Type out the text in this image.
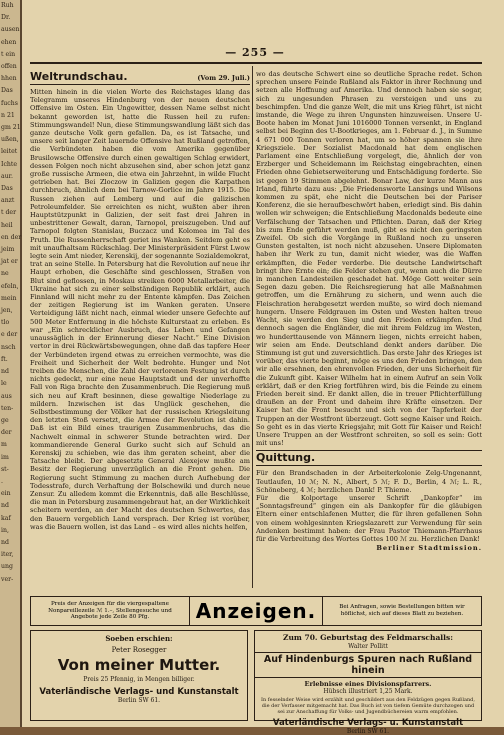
Ruh
Dr.
ausen
ehen
t ein
offen
hhen
Das
fuchs
n 21
gm 21
ußen,
leitet
Ichte
aur.
Das
anzt
t der
heil
en der
jeim
jat er
ne
efeln,
mein
jen,
tlo
e der
nsch
ft.
nd
le
aus
ten-
ge
der
m
im
st-
.
ein
nd
kaf
in,
nd
iter,
ung
ver-
— 255 —
Weltrundschau.	(Vom 29. Juli.)

Mitten hinein in die vielen Worte des Reichstages klang das Telegramm unseres Hindenburg von der neuen deutschen Offensive im Osten. Ein Ungewitter, dessen Name selbst nicht bekannt geworden ist, hatte die Russen heil zu rufen: Stimmungswandel! Nun, diese Stimmungswandlung läßt sich das ganze deutsche Volk gern gefallen. Da, es ist Tatsache, und unsere seit langer Zeit lauernde Offensive hat Rußland getroffen, die Verbündeten haben die vom Amerika gegenüber Brusilowsche Offensive durch einen gewaltigen Schlag erwidert, dessen Folgen noch nicht abzusehen sind, aber schon jetzt ganz große russische Armeen, die etwa ein Jahrzehnt, in wilde Flucht getrieben hat. Bei Zloczow in Galizien gegen die Karpathen durchbruch, ähnlich dem bei Tarnow-Gorlice im Jahre 1915. Die Russen ziehen auf Lemberg und auf die galizischen Petroleumfelder. Sie erreichten es nicht, wußten aber ihren Hauptstützpunkt in Galizien, der seit fast drei Jahren in unbestrittener Gewalt, daran, Tarnopol, preiszugeben. Und auf Tarnopol folgten Stanislau, Buczacz und Kolomea im Tal des Pruth. Die Russenherrschaft geriet ins Wanken. Seitdem geht es mit unaufhaltsam Rückschlag. Der Ministerpräsident Fürst Lwow legte sein Amt nieder, Kerenskij, der sogenannte Sozialdemokrat, trat an seine Stelle. In Petersburg hat die Revolution auf neue ihr Haupt erhoben, die Geschäfte sind geschlossen, Straßen von Blut sind geflossen, in Moskau streiken 6000 Metallarbeiter, die Ukraine hat sich zu einer selbständigen Republik erklärt, auch Finnland will nicht mehr zu der Entente kämpfen. Das Zeichen der zeitigen Regierung ist im Wanken geraten. Unsere Verteidigung läßt nicht nach, einmal wieder unsere Gefechte auf 500 Meter Entfernung in die höchste Kulturstaat zu erleben. Es war „Ein schrecklicher Ausbruch, das Leben und Gefangen unaussäglich in der Erinnerung dieser Nacht.“ Eine Division vertor in drei Rückwärtsbewegungen, ohne daß das tapfere Heer der Verbündeten irgend etwas zu erreichen vermochte, was die Freiheit und Sicherheit der Welt bedrohte. Hunger und Not treiben die Menschen, die Zahl der verlorenen Festung ist durch nichts gedeckt, nur eine neue Hauptstadt und der unverhoffte Fall von Riga brachte den Zusammenbruch. Die Regierung muß sich neu auf Kraft besinnen, diese gewaltige Niederlage zu mildern. Inzwischen ist das Unglück geschehen, die Selbstbestimmung der Völker hat der russischen Kriegsleitung den letzten Stoß versetzt, die Armee der Revolution ist dahin. Daß ist ein Bild eines traurigen Zusammenbruchs, das die Nachwelt einmal in schwerer Stunde betrachten wird. Der kommandierende General Gurko sucht sich auf Schuld an Kerenskij zu schieben, wie das ihm geraten scheint, aber die Tatsache bleibt. Der abgesetzte General Alexejew mußte am Besitz der Regierung unverzüglich an die Front gehen. Die Regierung sucht Stimmung zu machen durch Aufhebung der Todesstrafe, durch Verhaftung der Bolschewiki und durch neue Zensur. Zu alledem kommt die Erkenntnis, daß alle Beschlüsse, die man in Petersburg zusammengebraut hat, an der Wirklichkeit scheitern werden, an der Macht des deutschen Schwertes, das den Bauern vergeblich Land versprach. Der Krieg ist vorüber, was die Bauern wollen, ist das Land – es wird alles nichts helfen,

wo das deutsche Schwert eine so deutliche Sprache redet. Schon sprechen unsere Feinde Rußland als Faktor in ihrer Rechnung und setzen alle Hoffnung auf Amerika. Und dennoch haben sie sogar, sich zu ungesunden Phrasen zu versteigen und uns zu beschimpfen. Und die ganze Welt, die mit uns Krieg führt, ist nicht imstande, die Wege zu ihren Ungunsten hinzuweisen. Unsere U-Boote haben im Monat Juni 1016000 Tonnen versenkt, in England selbst bei Beginn des U-Bootkrieges, am 1. Februar d. J., in Summe 4 671 000 Tonnen verloren hat, um so höher spannen sie ihre Kriegsziele. Der Sozialist Macdonald hat dem englischen Parlament eine Entschließung vorgelegt, die, ähnlich der von Erzberger und Scheidemann im Reichstag eingebrachten, einen Frieden ohne Gebietserweiterung und Entschädigung forderte. Sie ist gegen 19 Stimmen abgelehnt. Bonar Law, der kurze Mann aus Irland, führte dazu aus: „Die Friedensworte Lansings und Wilsons kommen zu spät, ehe nicht die Deutschen bei der Pariser Konferenz, die sie heraufbeschwört haben, erledigt sind. Bis dahin wollen wir schweigen; die Entschließung Macdonalds bedeute eine Verfälschung der Tatsachen und Pflichten. Daran, daß der Krieg bis zum Ende geführt werden muß, gibt es nicht den geringsten Zweifel. Ob sich die Vorgänge in Rußland noch zu unseren Gunsten gestalten, ist noch nicht abzusehen. Unsere Diplomaten haben ihr Werk zu tun, damit nicht wieder, was die Waffen erkämpften, die Feder verderbe. Die deutsche Landwirtschaft bringt ihre Ernte ein; die Felder stehen gut, wenn auch die Dürre in manchen Landesteilen geschadet hat. Möge Gott weiter sein Segen dazu geben. Die Reichsregierung hat alle Maßnahmen getroffen, um die Ernährung zu sichern, und wenn auch die Fleischration herabgesetzt werden mußte, so wird doch niemand hungern. Unsere Feldgrauen im Osten und Westen halten treue Wacht, sie werden den Sieg und den Frieden erkämpfen. Und dennoch sagen die Engländer, die mit ihrem Feldzug im Westen, wo hunderttausende von Männern liegen, nichts erreicht haben, wir seien am Ende. Deutschland denkt anders darüber. Die Stimmung ist gut und zuversichtlich. Das erste Jahr des Krieges ist vorüber, das vierte beginnt, möge es uns den Frieden bringen, den wir alle ersehnen, den ehrenvollen Frieden, der uns Sicherheit für die Zukunft gibt. Kaiser Wilhelm hat in einem Aufruf an sein Volk erklärt, daß er den Krieg fortführen wird, bis die Feinde zu einem Frieden bereit sind. Er dankt allen, die in treuer Pflichterfüllung draußen an der Front und daheim ihre Kräfte einsetzen. Der Kaiser hat die Front besucht und sich von der Tapferkeit der Truppen an der Westfront überzeugt. Gott segne Kaiser und Reich. So geht es in das vierte Kriegsjahr, mit Gott für Kaiser und Reich! Unsere Truppen an der Westfront schreiten, so soll es sein: Gott mit uns!

Quittung.

Für den Brandschaden in der Arbeiterkolonie Zelg-Ungenannt, Teutlaufen, 10 ℳ; N. N., Albert, 5 ℳ; F. D., Berlin, 4 ℳ; L. R., Schöneberg, 4 ℳ; herzlichen Dank! P. Thieme.
Für die Kolportage unserer Schrift „Dankopfer“ im „Sonntagsfreund“ gingen ein als Dankopfer für die gläubigen Eltern einer entschlafenen Mutter, die für ihren gefallenen Sohn von einem wohlgesinnten Kriegslazarett zur Verwendung für sein Andenken bestimmt haben: der Frau Pastor Thiemann-Pfarrhaus für die Verbreitung des Wortes Gottes 100 ℳ zu. Herzlichen Dank!

Berliner Stadtmission.
Preis der Anzeigen für die viergespaltene Nonpareillezeile ℳ 1.–, Stellengesuche und Angebote jede Zeile 80 Pfg.	Anzeigen.	Bei Anfragen, sowie Bestellungen bitten wir höflichst, sich auf dieses Blatt zu beziehen.
Soeben erschien:
Peter Rosegger
Von meiner Mutter.
Preis 25 Pfennig, in Mengen billiger.
Vaterländische Verlags- und Kunstanstalt
Berlin SW 61.
Zum 70. Geburtstag des Feldmarschalls:
Walter Pollitt
Auf Hindenburgs Spuren nach Rußland hinein
Erlebnisse eines Divisionspfarrers.
Hübsch illustriert 1,25 Mark.
In fesselnder Weise wird erzählt und geschildert aus den Feldzügen gegen Rußland, die der Verfasser mitgemacht hat. Das Buch ist von tiefem Gemüte durchzogen und sei zur Anschaffung für Volks- und Jugendbüchereien warm empfohlen.
Vaterländische Verlags- u. Kunstanstalt
Berlin SW 61.
